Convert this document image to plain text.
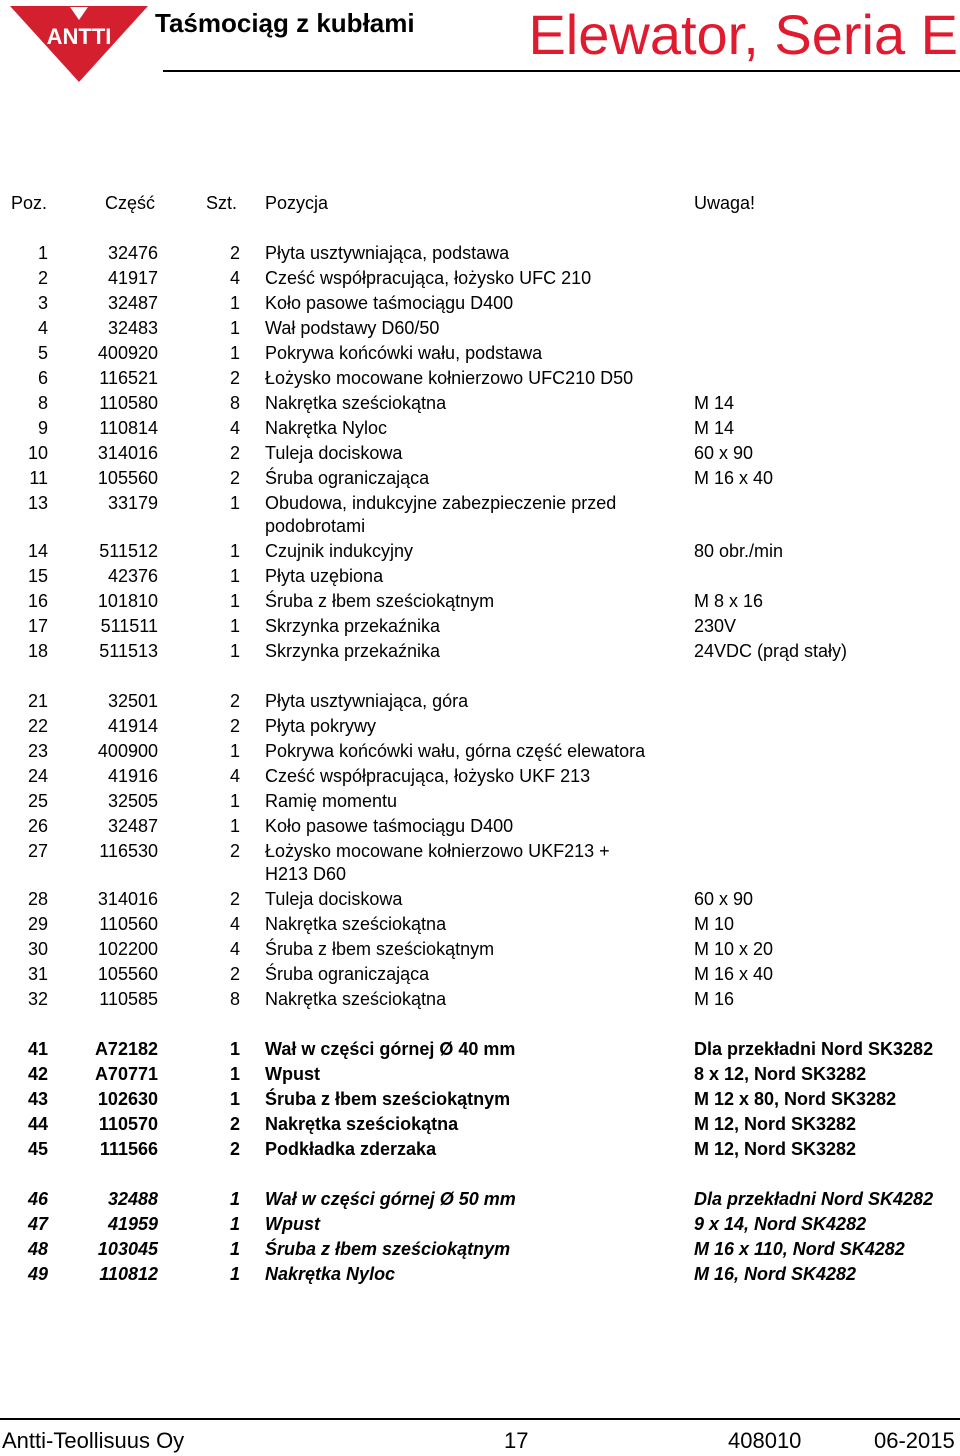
ANTTI Taśmociąg z kubłami Elewator, Seria E
Poz.	Część	Szt. Pozycja	Uwaga!
1	32476	2 Płyta usztywniająca, podstawa
2	41917	4 Cześć współpracująca, łożysko UFC 210
3	32487	1 Koło pasowe taśmociągu D400
4	32483	1 Wał podstawy D60/50
5	400920	1 Pokrywa końcówki wału, podstawa
6	116521	2 Łożysko mocowane kołnierzowo UFC210 D50
8	110580	8 Nakrętka sześciokątna	M 14
9	110814	4 Nakrętka Nyloc	M 14
10	314016	2 Tuleja dociskowa	60 x 90
11	105560	2 Śruba ograniczająca	M 16 x 40
13	33179	1 Obudowa, indukcyjne zabezpieczenie przed
podobrotami
14	511512	1 Czujnik indukcyjny	80 obr./min
15	42376	1 Płyta uzębiona
16	101810	1 Śruba z łbem sześciokątnym	M 8 x 16
17	511511	1 Skrzynka przekaźnika	230V
18	511513	1 Skrzynka przekaźnika	24VDC (prąd stały)
21	32501	2 Płyta usztywniająca, góra
22	41914	2 Płyta pokrywy
23	400900	1 Pokrywa końcówki wału, górna część elewatora
24	41916	4 Cześć współpracująca, łożysko UKF 213
25	32505	1 Ramię momentu
26	32487	1 Koło pasowe taśmociągu D400
27	116530	2 Łożysko mocowane kołnierzowo UKF213 +
H213 D60
28	314016	2 Tuleja dociskowa	60 x 90
29	110560	4 Nakrętka sześciokątna	M 10
30	102200	4 Śruba z łbem sześciokątnym	M 10 x 20
31	105560	2 Śruba ograniczająca	M 16 x 40
32	110585	8 Nakrętka sześciokątna	M 16
41	A72182	1 Wał w części górnej Ø 40 mm	Dla przekładni Nord SK3282
42	A70771	1 Wpust	8 x 12, Nord SK3282
43	102630	1 Śruba z łbem sześciokątnym	M 12 x 80, Nord SK3282
44	110570	2 Nakrętka sześciokątna	M 12, Nord SK3282
45	111566	2 Podkładka zderzaka	M 12, Nord SK3282
46	32488	1 Wał w części górnej Ø 50 mm	Dla przekładni Nord SK4282
47	41959	1 Wpust	9 x 14, Nord SK4282
48	103045	1 Śruba z łbem sześciokątnym	M 16 x 110, Nord SK4282
49	110812	1 Nakrętka Nyloc	M 16, Nord SK4282
Antti-Teollisuus Oy	17	408010	06-2015
